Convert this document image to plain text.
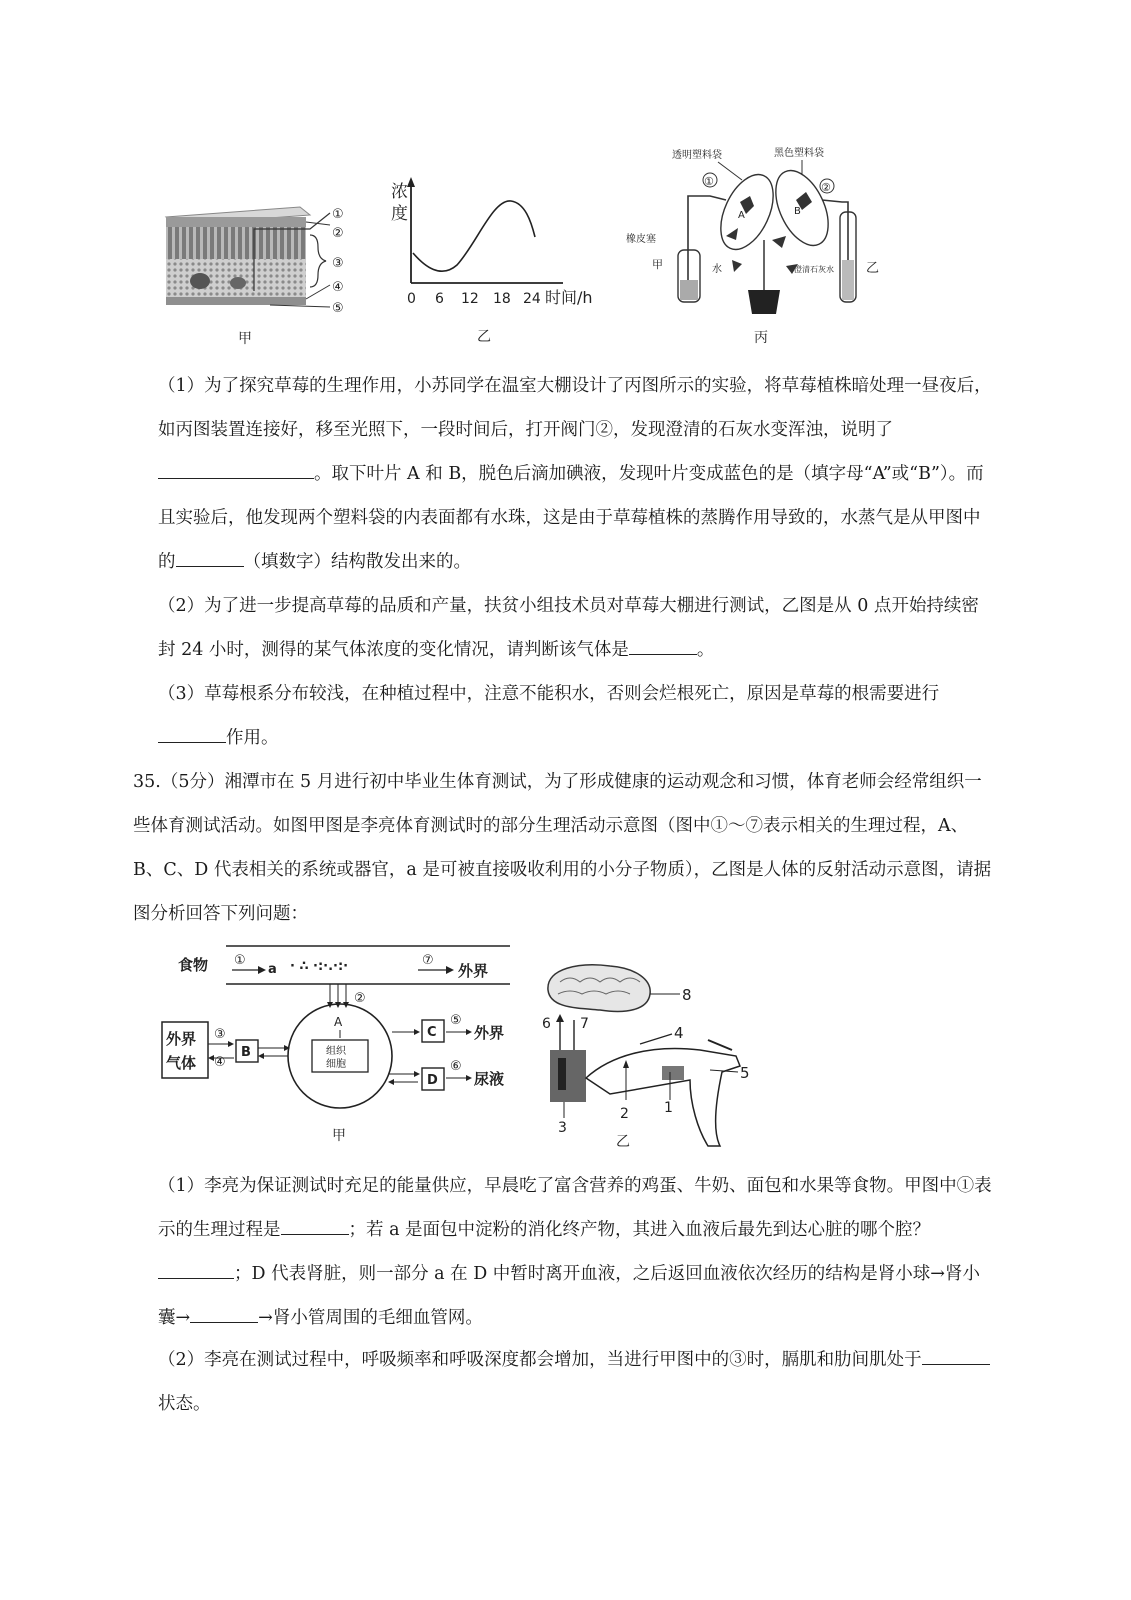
①
②
③
④
⑤
甲
浓
度
0 6 12 18 24 时间/h
乙
透明塑料袋	黑色塑料袋
A	B
①	②
橡皮塞
甲	水	澄清石灰水 乙
丙
（1）为了探究草莓的生理作用，小苏同学在温室大棚设计了丙图所示的实验，将草莓植株暗处理一昼夜后，如丙图装置连接好，移至光照下，一段时间后，打开阀门②，发现澄清的石灰水变浑浊，说明了。取下叶片 A 和 B，脱色后滴加碘液，发现叶片变成蓝色的是（填字母“A”或“B”）。而且实验后，他发现两个塑料袋的内表面都有水珠，这是由于草莓植株的蒸腾作用导致的，水蒸气是从甲图中的	（填数字）结构散发出来的。
（2）为了进一步提高草莓的品质和产量，扶贫小组技术员对草莓大棚进行测试，乙图是从 0 点开始持续密封 24 小时，测得的某气体浓度的变化情况，请判断该气体是	。
（3）草莓根系分布较浅，在种植过程中，注意不能积水，否则会烂根死亡，原因是草莓的根需要进行作用。
35.（5分）湘潭市在 5 月进行初中毕业生体育测试，为了形成健康的运动观念和习惯，体育老师会经常组织一些体育测试活动。如图甲图是李亮体育测试时的部分生理活动示意图（图中①～⑦表示相关的生理过程，A、B、C、D 代表相关的系统或器官，a 是可被直接吸收利用的小分子物质），乙图是人体的反射活动示意图，请据图分析回答下列问题：
食物 ①
a · ∴ ·:·.·:·	⑦
外界
②
A
组织
细胞
外界
气体
③
④
B
C
⑤
外界
D
⑥
尿液
甲
8
6 7	4
5
2	1
3
乙
（1）李亮为保证测试时充足的能量供应，早晨吃了富含营养的鸡蛋、牛奶、面包和水果等食物。甲图中①表示的生理过程是	；若 a 是面包中淀粉的消化终产物，其进入血液后最先到达心脏的哪个腔？；D 代表肾脏，则一部分 a 在 D 中暂时离开血液，之后返回血液依次经历的结构是肾小球→肾小囊→	→肾小管周围的毛细血管网。
（2）李亮在测试过程中，呼吸频率和呼吸深度都会增加，当进行甲图中的③时，膈肌和肋间肌处于状态。
